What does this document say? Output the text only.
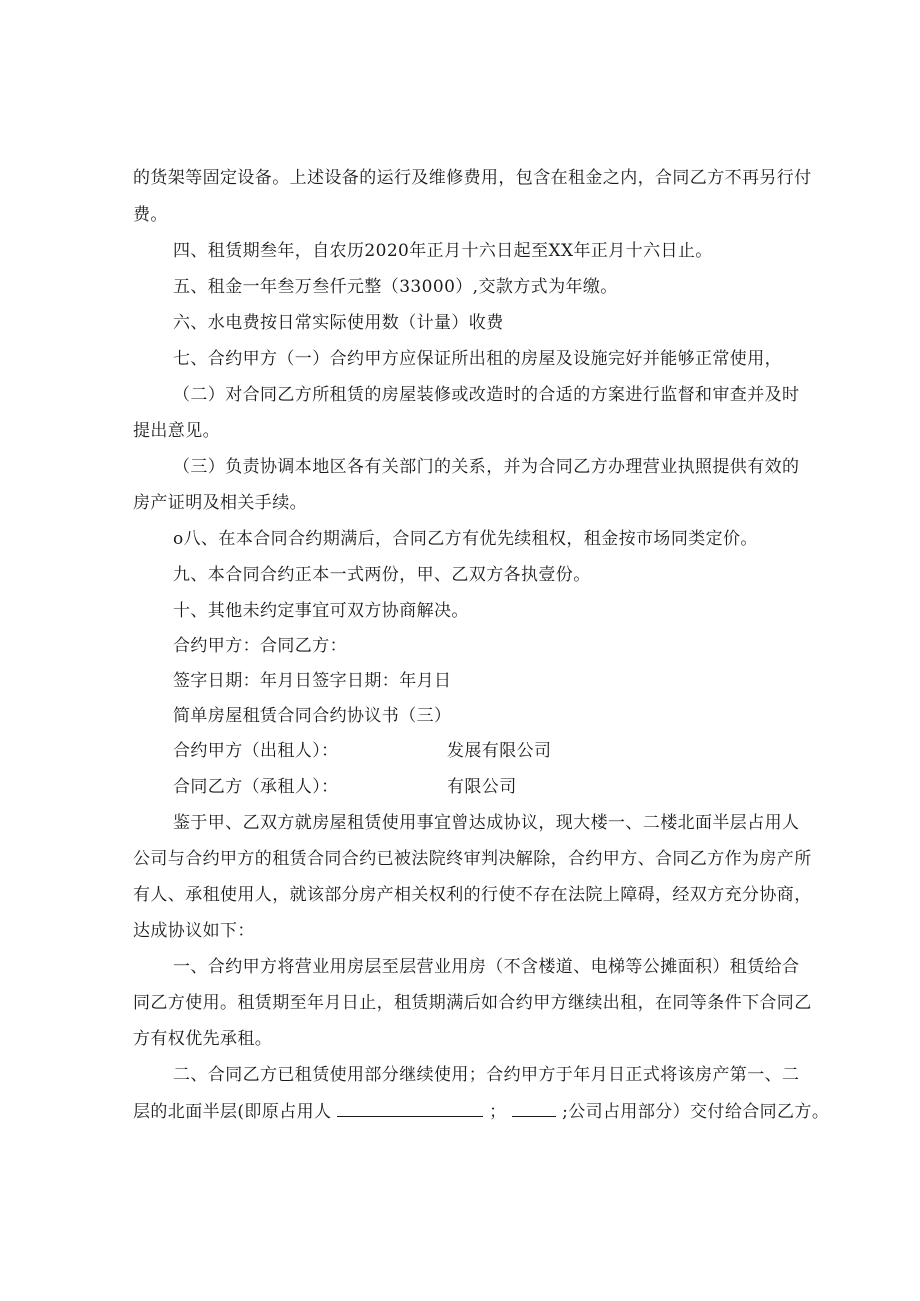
的货架等固定设备。上述设备的运行及维修费用，包含在租金之内，合同乙方不再另行付
费。
四、租赁期叁年，自农历2020年正月十六日起至XX年正月十六日止。
五、租金一年叁万叁仟元整（33000）,交款方式为年缴。
六、水电费按日常实际使用数（计量）收费
七、合约甲方（一）合约甲方应保证所出租的房屋及设施完好并能够正常使用，
（二）对合同乙方所租赁的房屋装修或改造时的合适的方案进行监督和审查并及时
提出意见。
（三）负责协调本地区各有关部门的关系，并为合同乙方办理营业执照提供有效的
房产证明及相关手续。
o八、在本合同合约期满后，合同乙方有优先续租权，租金按市场同类定价。
九、本合同合约正本一式两份，甲、乙双方各执壹份。
十、其他未约定事宜可双方协商解决。
合约甲方：合同乙方：
签字日期：年月日签字日期：年月日
简单房屋租赁合同合约协议书（三）
合约甲方（出租人）：	发展有限公司
合同乙方（承租人）：	有限公司
鉴于甲、乙双方就房屋租赁使用事宜曾达成协议，现大楼一、二楼北面半层占用人
公司与合约甲方的租赁合同合约已被法院终审判决解除，合约甲方、合同乙方作为房产所
有人、承租使用人，就该部分房产相关权利的行使不存在法院上障碍，经双方充分协商，
达成协议如下：
一、合约甲方将营业用房层至层营业用房（不含楼道、电梯等公摊面积）租赁给合
同乙方使用。租赁期至年月日止，租赁期满后如合约甲方继续出租，在同等条件下合同乙
方有权优先承租。
二、合同乙方已租赁使用部分继续使用；合约甲方于年月日正式将该房产第一、二
层的北面半层(即原占用人	；	;公司占用部分）交付给合同乙方。
